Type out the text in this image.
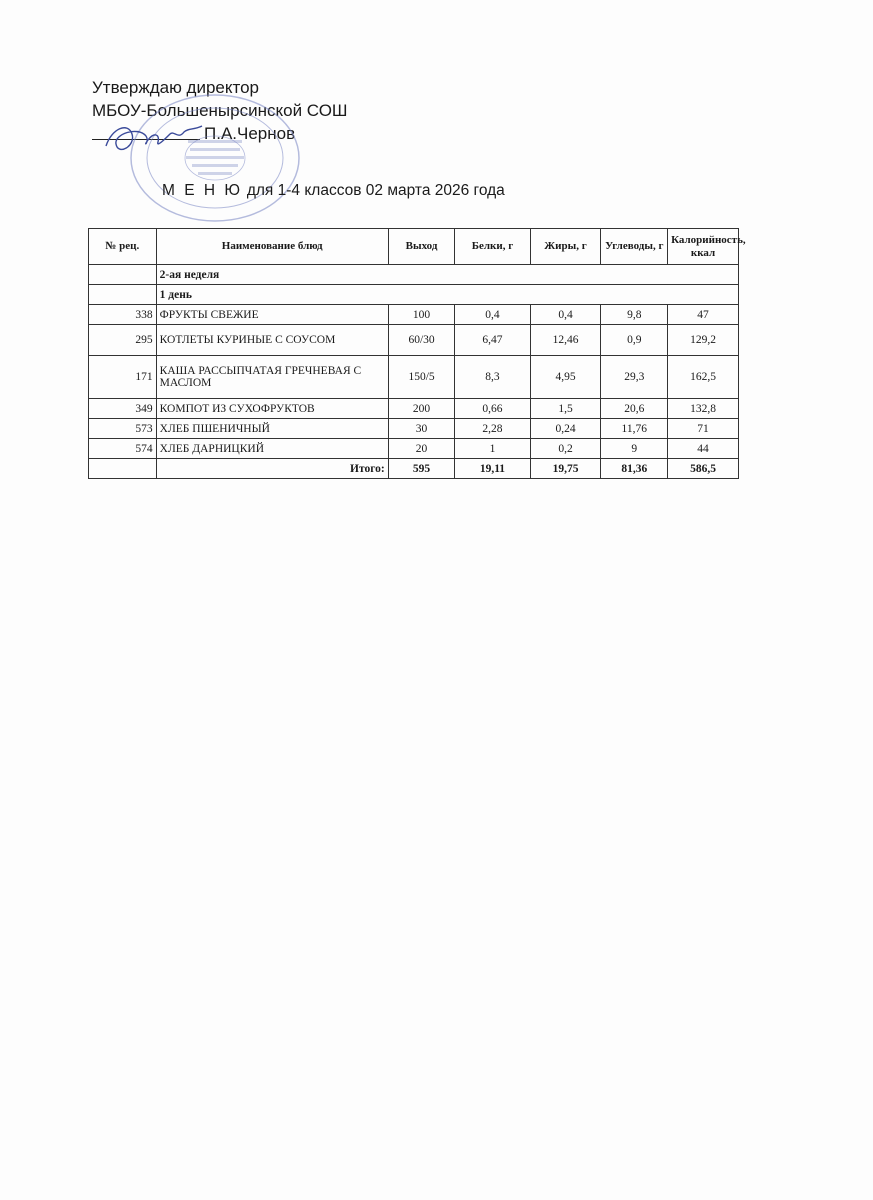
Утверждаю директор
МБОУ-Большеныpсинской СОШ
П.А.Чернов
М Е Н Ю для 1-4 классов 02 марта 2026 года
№ рец.	Наименование блюд	Выход	Белки, г	Жиры, г	Углеводы, г	Калорийность, ккал
	2-ая неделя					
	1 день					
338	ФРУКТЫ СВЕЖИЕ	100	0,4	0,4	9,8	47
295	КОТЛЕТЫ КУРИНЫЕ С СОУСОМ	60/30	6,47	12,46	0,9	129,2
171	КАША РАССЫПЧАТАЯ ГРЕЧНЕВАЯ С МАСЛОМ	150/5	8,3	4,95	29,3	162,5
349	КОМПОТ ИЗ СУХОФРУКТОВ	200	0,66	1,5	20,6	132,8
573	ХЛЕБ ПШЕНИЧНЫЙ	30	2,28	0,24	11,76	71
574	ХЛЕБ ДАРНИЦКИЙ	20	1	0,2	9	44
	Итого:	595	19,11	19,75	81,36	586,5
